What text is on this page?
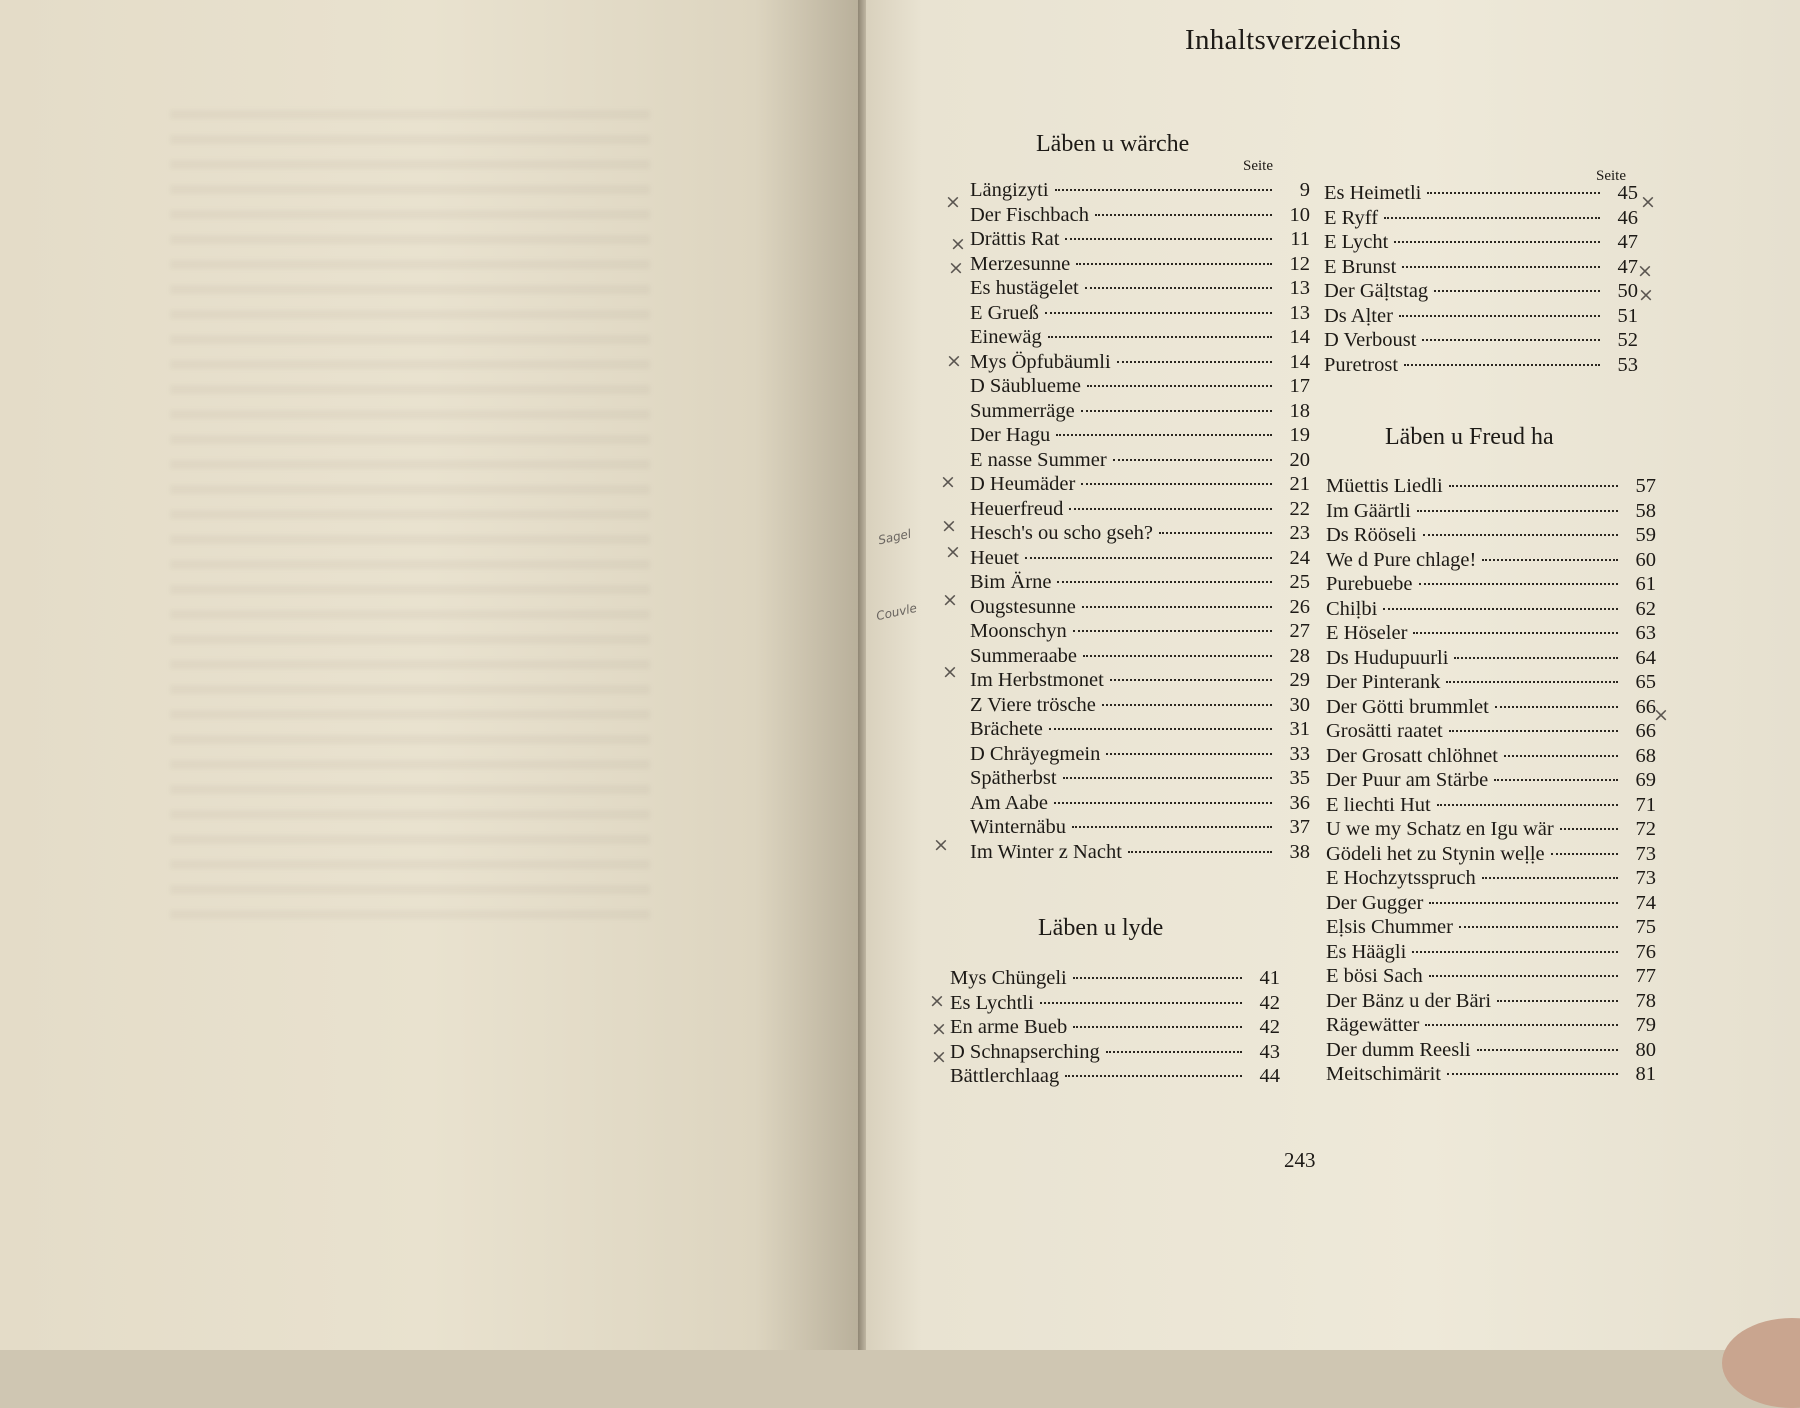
Inhaltsverzeichnis
Läben u wärche
Seite
Längizyti	9
Der Fischbach	10
Drättis Rat	11
Merzesunne	12
Es hustägelet	13
E Grueß	13
Einewäg	14
Mys Öpfubäumli	14
D Säublueme	17
Summerräge	18
Der Hagu	19
E nasse Summer	20
D Heumäder	21
Heuerfreud	22
Hesch's ou scho gseh?	23
Heuet	24
Bim Ärne	25
Ougstesunne	26
Moonschyn	27
Summeraabe	28
Im Herbstmonet	29
Z Viere trösche	30
Brächete	31
D Chräyegmein	33
Spätherbst	35
Am Aabe	36
Winternäbu	37
Im Winter z Nacht	38
Läben u lyde
Mys Chüngeli	41
Es Lychtli	42
En arme Bueb	42
D Schnapserching	43
Bättlerchlaag	44
Seite
Es Heimetli	45
E Ryff	46
E Lycht	47
E Brunst	47
Der Gäḷtstag	50
Ds Aḷter	51
D Verboust	52
Puretrost	53
Läben u Freud ha
Müettis Liedli	57
Im Gäärtli	58
Ds Rööseli	59
We d Pure chlage!	60
Purebuebe	61
Chiḷbi	62
E Höseler	63
Ds Hudupuurli	64
Der Pinterank	65
Der Götti brummlet	66
Grosätti raatet	66
Der Grosatt chlöhnet	68
Der Puur am Stärbe	69
E liechti Hut	71
U we my Schatz en Igu wär	72
Gödeli het zu Stynin weḷḷe	73
E Hochzytsspruch	73
Der Gugger	74
Eḷsis Chummer	75
Es Häägli	76
E bösi Sach	77
Der Bänz u der Bäri	78
Rägewätter	79
Der dumm Reesli	80
Meitschimärit	81
×
×
×
×
×
×
×
×
×
×
×
×
×
×
×
×
×
Sagel
Couvle
243
